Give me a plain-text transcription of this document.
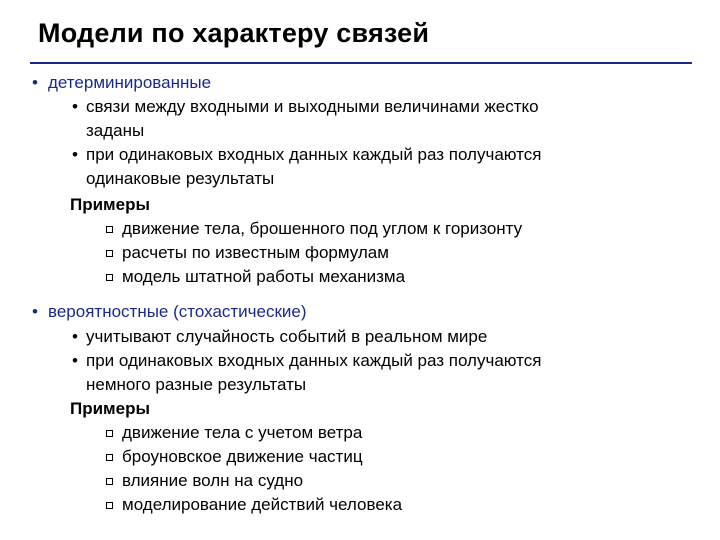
Модели по характеру связей
• детерминированные
• связи между входными и выходными величинами жестко
заданы
• при одинаковых входных данных каждый раз получаются
одинаковые результаты
Примеры
движение тела, брошенного под углом к горизонту
расчеты по известным формулам
модель штатной работы механизма
• вероятностные (стохастические)
• учитывают случайность событий в реальном мире
• при одинаковых входных данных каждый раз получаются
немного разные результаты
Примеры
движение тела с учетом ветра
броуновское движение частиц
влияние волн на судно
моделирование действий человека
